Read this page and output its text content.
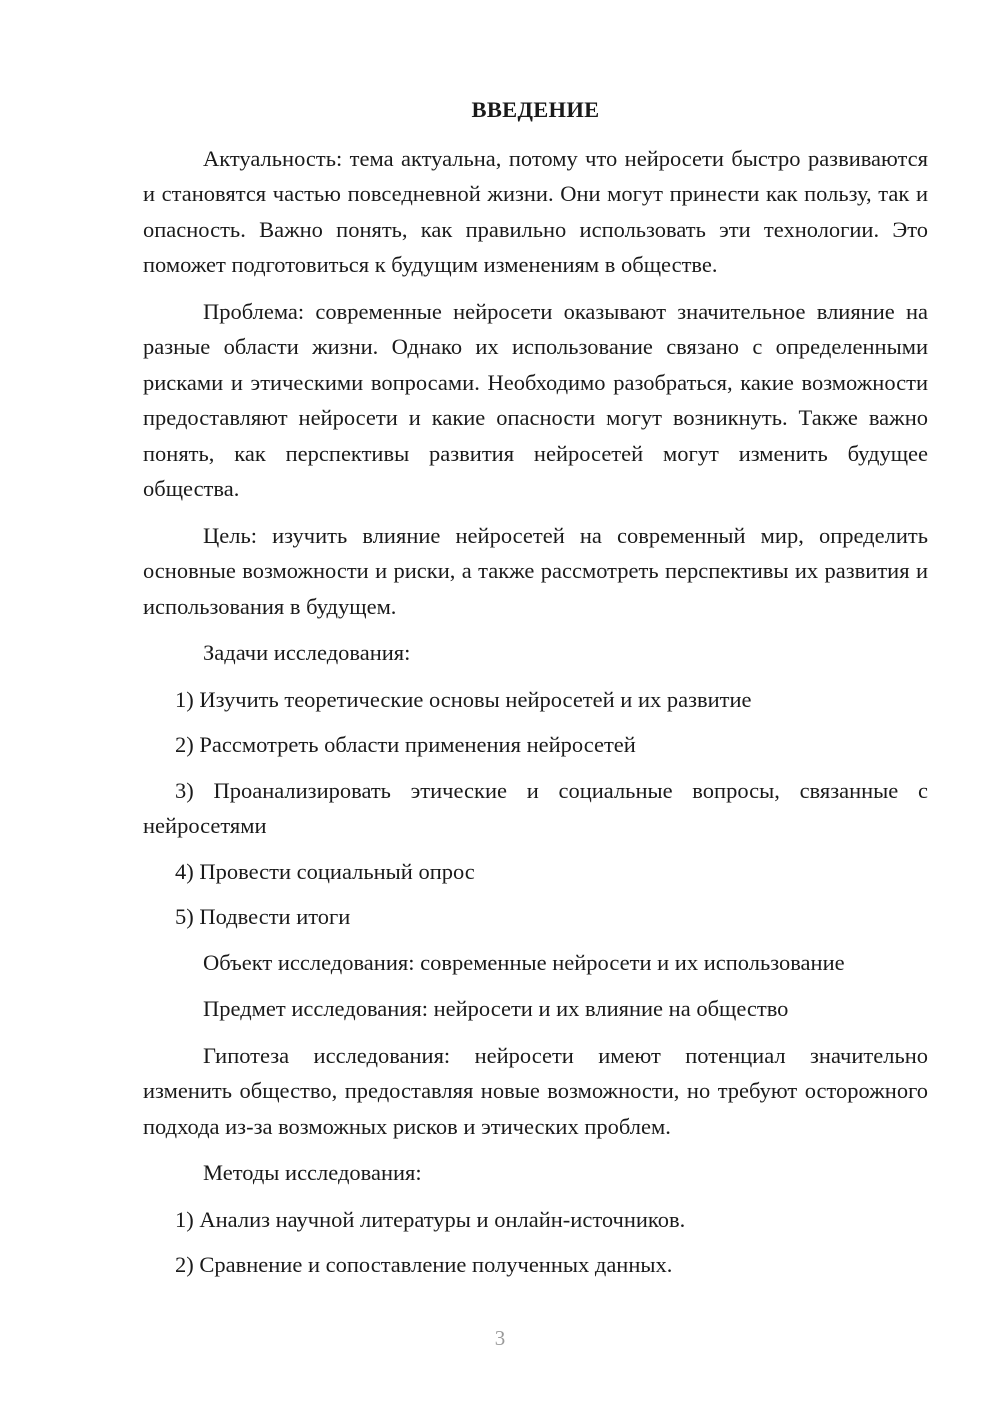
ВВЕДЕНИЕ

Актуальность: тема актуальна, потому что нейросети быстро развиваются и становятся частью повседневной жизни. Они могут принести как пользу, так и опасность. Важно понять, как правильно использовать эти технологии. Это поможет подготовиться к будущим изменениям в обществе.

Проблема: современные нейросети оказывают значительное влияние на разные области жизни. Однако их использование связано с определенными рисками и этическими вопросами. Необходимо разобраться, какие возможности предоставляют нейросети и какие опасности могут возникнуть. Также важно понять, как перспективы развития нейросетей могут изменить будущее общества.

Цель: изучить влияние нейросетей на современный мир, определить основные возможности и риски, а также рассмотреть перспективы их развития и использования в будущем.

Задачи исследования:

1) Изучить теоретические основы нейросетей и их развитие

2) Рассмотреть области применения нейросетей

3) Проанализировать этические и социальные вопросы, связанные с нейросетями

4) Провести социальный опрос

5) Подвести итоги

Объект исследования: современные нейросети и их использование

Предмет исследования: нейросети и их влияние на общество

Гипотеза исследования: нейросети имеют потенциал значительно изменить общество, предоставляя новые возможности, но требуют осторожного подхода из-за возможных рисков и этических проблем.

Методы исследования:

1) Анализ научной литературы и онлайн-источников.

2) Сравнение и сопоставление полученных данных.

3
